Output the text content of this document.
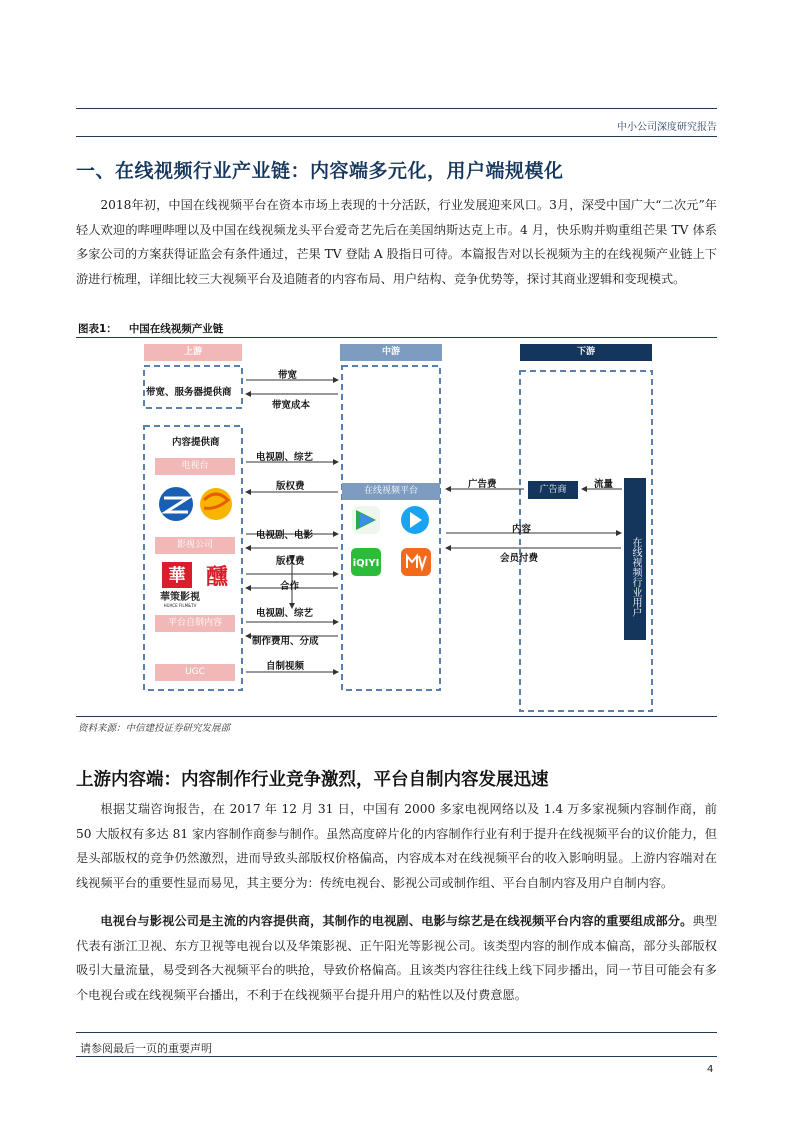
中小公司深度研究报告
一、在线视频行业产业链：内容端多元化，用户端规模化
2018年初，中国在线视频平台在资本市场上表现的十分活跃，行业发展迎来风口。3月，深受中国广大“二次元”年轻人欢迎的哔哩哔哩以及中国在线视频龙头平台爱奇艺先后在美国纳斯达克上市。4 月，快乐购并购重组芒果 TV 体系多家公司的方案获得证监会有条件通过，芒果 TV 登陆 A 股指日可待。本篇报告对以长视频为主的在线视频产业链上下游进行梳理，详细比较三大视频平台及追随者的内容布局、用户结构、竞争优势等，探讨其商业逻辑和变现模式。
图表1： 中国在线视频产业链
iQIYI
華
華策影視
HUACE FILM&TV
醺
上游	中游	下游
带宽、服务器提供商
内容提供商
电视台
影视公司
平台自制内容
UGC
带宽
带宽成本
电视剧、综艺
版权费
电视剧、电影
版权费
合作
电视剧、综艺
制作费用、分成
自制视频
在线视频平台
广告费	广告商	流量
内容
会员付费	在线视频行业用户
资料来源：中信建投证券研究发展部
上游内容端：内容制作行业竞争激烈，平台自制内容发展迅速
根据艾瑞咨询报告，在 2017 年 12 月 31 日，中国有 2000 多家电视网络以及 1.4 万多家视频内容制作商，前 50 大版权有多达 81 家内容制作商参与制作。虽然高度碎片化的内容制作行业有利于提升在线视频平台的议价能力，但是头部版权的竞争仍然激烈，进而导致头部版权价格偏高，内容成本对在线视频平台的收入影响明显。上游内容端对在线视频平台的重要性显而易见，其主要分为：传统电视台、影视公司或制作组、平台自制内容及用户自制内容。
电视台与影视公司是主流的内容提供商，其制作的电视剧、电影与综艺是在线视频平台内容的重要组成部分。典型代表有浙江卫视、东方卫视等电视台以及华策影视、正午阳光等影视公司。该类型内容的制作成本偏高，部分头部版权吸引大量流量，易受到各大视频平台的哄抢，导致价格偏高。且该类内容往往线上线下同步播出，同一节目可能会有多个电视台或在线视频平台播出，不利于在线视频平台提升用户的粘性以及付费意愿。
请参阅最后一页的重要声明
4
